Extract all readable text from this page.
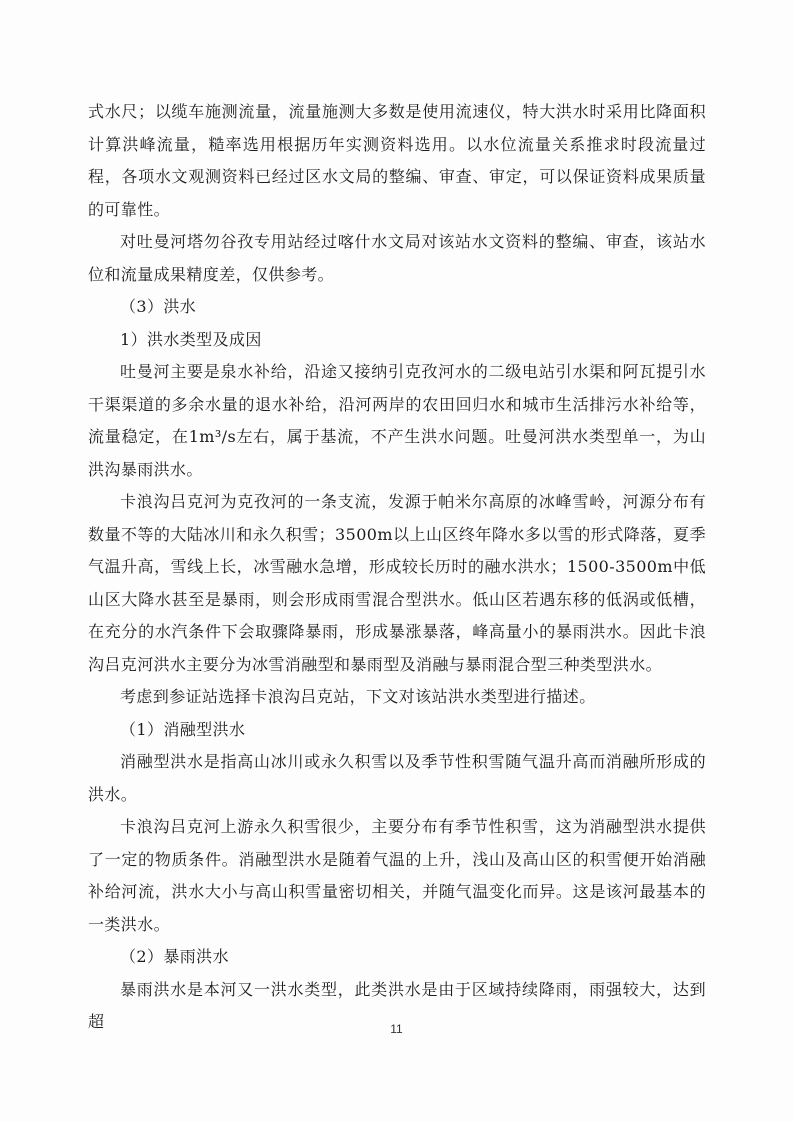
式水尺；以缆车施测流量，流量施测大多数是使用流速仪，特大洪水时采用比降面积计算洪峰流量，糙率选用根据历年实测资料选用。以水位流量关系推求时段流量过程，各项水文观测资料已经过区水文局的整编、审查、审定，可以保证资料成果质量的可靠性。

对吐曼河塔勿谷孜专用站经过喀什水文局对该站水文资料的整编、审查，该站水位和流量成果精度差，仅供参考。

（3）洪水

1）洪水类型及成因

吐曼河主要是泉水补给，沿途又接纳引克孜河水的二级电站引水渠和阿瓦提引水干渠渠道的多余水量的退水补给，沿河两岸的农田回归水和城市生活排污水补给等，流量稳定，在1m³/s左右，属于基流，不产生洪水问题。吐曼河洪水类型单一，为山洪沟暴雨洪水。

卡浪沟吕克河为克孜河的一条支流，发源于帕米尔高原的冰峰雪岭，河源分布有数量不等的大陆冰川和永久积雪；3500m以上山区终年降水多以雪的形式降落，夏季气温升高，雪线上长，冰雪融水急增，形成较长历时的融水洪水；1500-3500m中低山区大降水甚至是暴雨，则会形成雨雪混合型洪水。低山区若遇东移的低涡或低槽，在充分的水汽条件下会取骤降暴雨，形成暴涨暴落，峰高量小的暴雨洪水。因此卡浪沟吕克河洪水主要分为冰雪消融型和暴雨型及消融与暴雨混合型三种类型洪水。

考虑到参证站选择卡浪沟吕克站，下文对该站洪水类型进行描述。

（1）消融型洪水

消融型洪水是指高山冰川或永久积雪以及季节性积雪随气温升高而消融所形成的洪水。

卡浪沟吕克河上游永久积雪很少，主要分布有季节性积雪，这为消融型洪水提供了一定的物质条件。消融型洪水是随着气温的上升，浅山及高山区的积雪便开始消融补给河流，洪水大小与高山积雪量密切相关，并随气温变化而异。这是该河最基本的一类洪水。

（2）暴雨洪水

暴雨洪水是本河又一洪水类型，此类洪水是由于区域持续降雨，雨强较大，达到超	11
